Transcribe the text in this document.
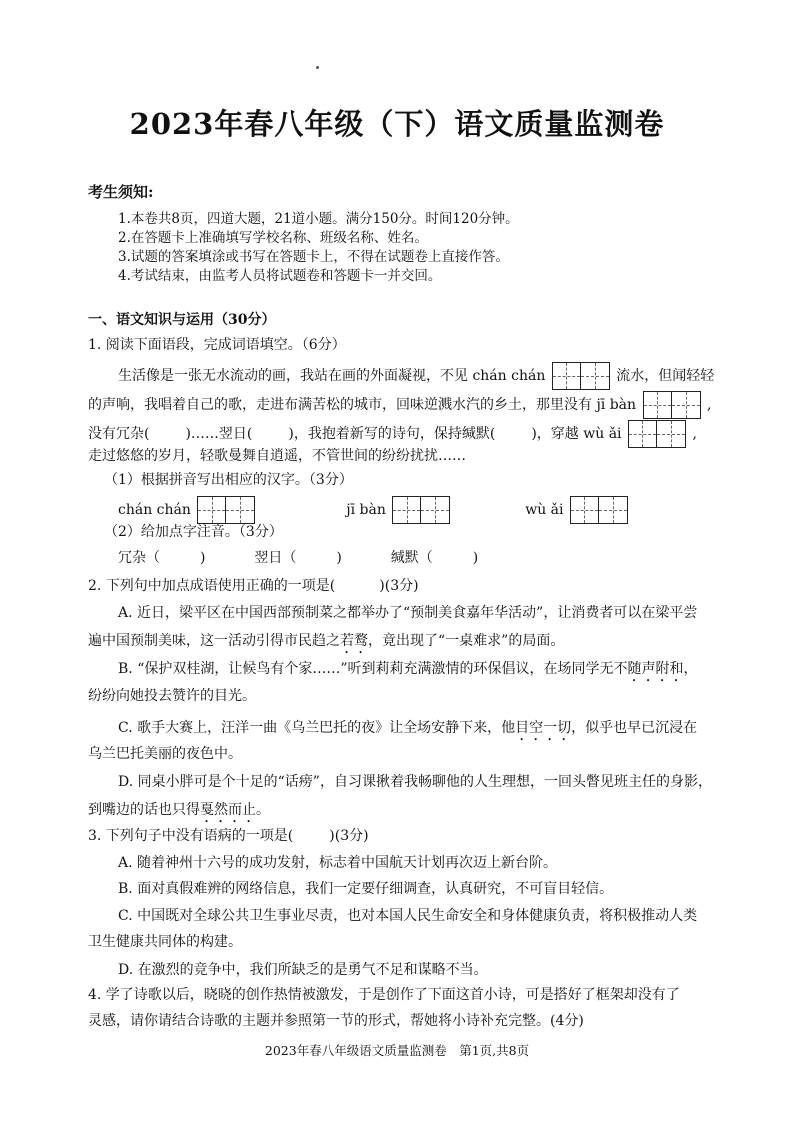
2023年春八年级（下）语文质量监测卷
考生须知:
1.本卷共8页，四道大题，21道小题。满分150分。时间120分钟。
2.在答题卡上准确填写学校名称、班级名称、姓名。
3.试题的答案填涂或书写在答题卡上，不得在试题卷上直接作答。
4.考试结束，由监考人员将试题卷和答题卡一并交回。
一、语文知识与运用（30分）
1. 阅读下面语段，完成词语填空。（6分）
生活像是一张无水流动的画，我站在画的外面凝视，不见 chán chán	流水，但闻轻轻
的声响，我唱着自己的歌，走进布满苦松的城市，回味逆溅水汽的乡土，那里没有 jī bàn	,
没有冗杂(	)……翌日(	)，我抱着新写的诗句，保持缄默(	)，穿越 wù ǎi	,
走过悠悠的岁月，轻歌曼舞自逍遥，不管世间的纷纷扰扰……
（1）根据拼音写出相应的汉字。（3分）
chán chán	jī bàn	wù ǎi
（2）给加点字注音。（3分）
冗杂（	)	翌日（	)	缄默（	)
2. 下列句中加点成语使用正确的一项是(	)(3分)
A. 近日，梁平区在中国西部预制菜之都举办了“预制美食嘉年华活动”，让消费者可以在梁平尝
遍中国预制美味，这一活动引得市民趋之若鹜，竟出现了“一桌难求”的局面。
B. “保护双桂湖，让候鸟有个家……”听到莉莉充满激情的环保倡议，在场同学无不随声附和，
纷纷向她投去赞许的目光。
C. 歌手大赛上，汪洋一曲《乌兰巴托的夜》让全场安静下来，他目空一切，似乎也早已沉浸在
乌兰巴托美丽的夜色中。
D. 同桌小胖可是个十足的“话痨”，自习课揪着我畅聊他的人生理想，一回头瞥见班主任的身影，
到嘴边的话也只得戛然而止。
3. 下列句子中没有语病的一项是(	)(3分)
A. 随着神州十六号的成功发射，标志着中国航天计划再次迈上新台阶。
B. 面对真假难辨的网络信息，我们一定要仔细调查，认真研究，不可盲目轻信。
C. 中国既对全球公共卫生事业尽责，也对本国人民生命安全和身体健康负责，将积极推动人类
卫生健康共同体的构建。
D. 在激烈的竞争中，我们所缺乏的是勇气不足和谋略不当。
4. 学了诗歌以后，晓晓的创作热情被激发，于是创作了下面这首小诗，可是搭好了框架却没有了
灵感，请你请结合诗歌的主题并参照第一节的形式，帮她将小诗补充完整。(4分)
2023年春八年级语文质量监测卷　第1页,共8页
